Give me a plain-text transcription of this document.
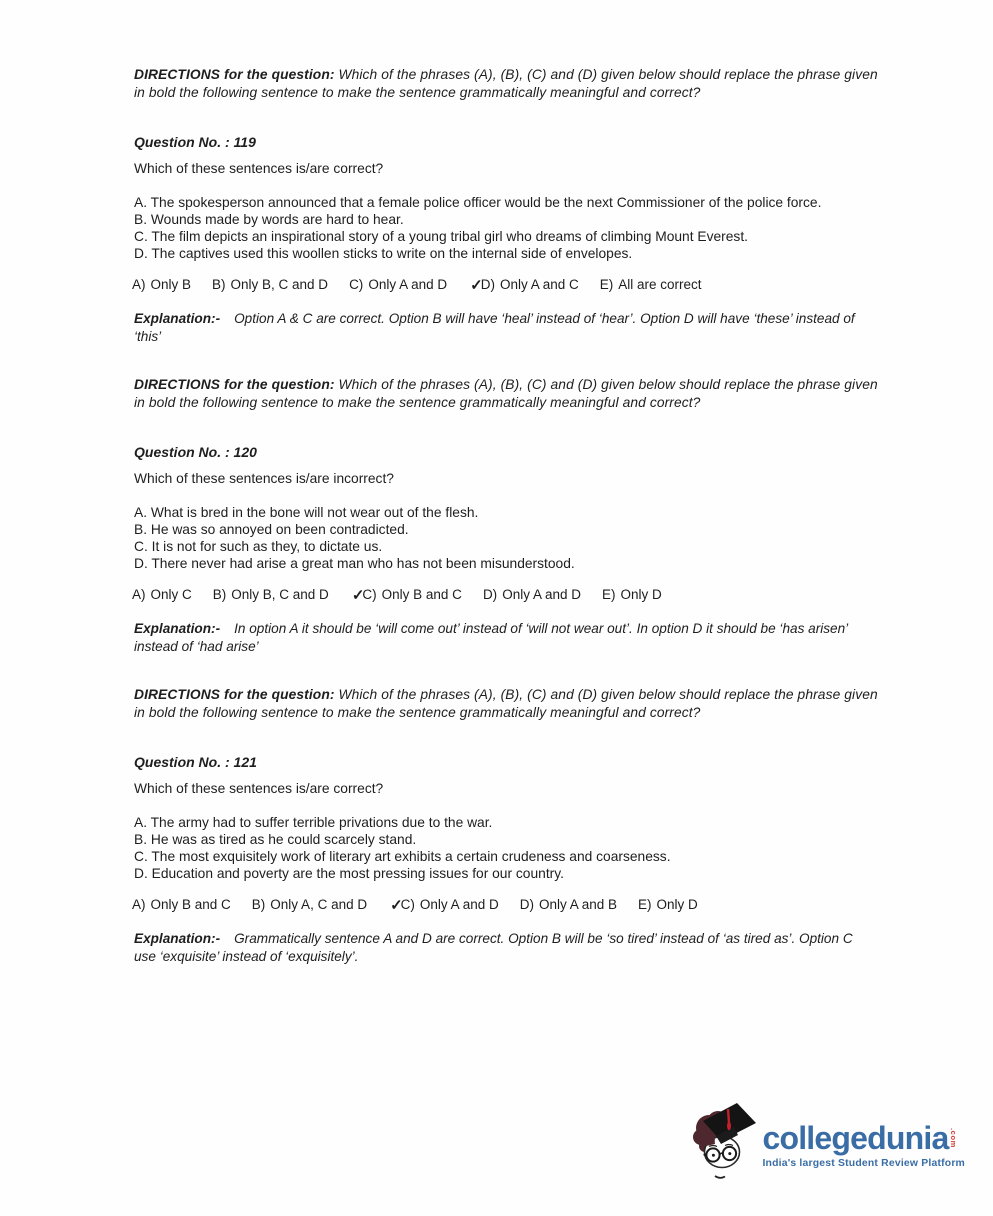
DIRECTIONS for the question: Which of the phrases (A), (B), (C) and (D) given below should replace the phrase given in bold the following sentence to make the sentence grammatically meaningful and correct?

Question No. : 119

Which of these sentences is/are correct?

A. The spokesperson announced that a female police officer would be the next Commissioner of the police force.

B. Wounds made by words are hard to hear.

C. The film depicts an inspirational story of a young tribal girl who dreams of climbing Mount Everest.

D. The captives used this woollen sticks to write on the internal side of envelopes.

A) Only B B) Only B, C and D C) Only A and D ✓
D) Only A and C E) All are correct

Explanation:- Option A & C are correct. Option B will have ‘heal’ instead of ‘hear’. Option D will have ‘these’ instead of ‘this’

DIRECTIONS for the question: Which of the phrases (A), (B), (C) and (D) given below should replace the phrase given in bold the following sentence to make the sentence grammatically meaningful and correct?

Question No. : 120

Which of these sentences is/are incorrect?

A. What is bred in the bone will not wear out of the flesh.

B. He was so annoyed on been contradicted.

C. It is not for such as they, to dictate us.

D. There never had arise a great man who has not been misunderstood.

A) Only C B) Only B, C and D ✓
C) Only B and C D) Only A and D E) Only D

Explanation:- In option A it should be ‘will come out’ instead of ‘will not wear out’. In option D it should be ‘has arisen’ instead of ‘had arise’

DIRECTIONS for the question: Which of the phrases (A), (B), (C) and (D) given below should replace the phrase given in bold the following sentence to make the sentence grammatically meaningful and correct?

Question No. : 121

Which of these sentences is/are correct?

A. The army had to suffer terrible privations due to the war.

B. He was as tired as he could scarcely stand.

C. The most exquisitely work of literary art exhibits a certain crudeness and coarseness.

D. Education and poverty are the most pressing issues for our country.

A) Only B and C B) Only A, C and D ✓
C) Only A and D D) Only A and B E) Only D

Explanation:- Grammatically sentence A and D are correct. Option B will be ‘so tired’ instead of ‘as tired as’. Option C use ‘exquisite’ instead of ‘exquisitely’.

collegedunia .com
India's largest Student Review Platform
